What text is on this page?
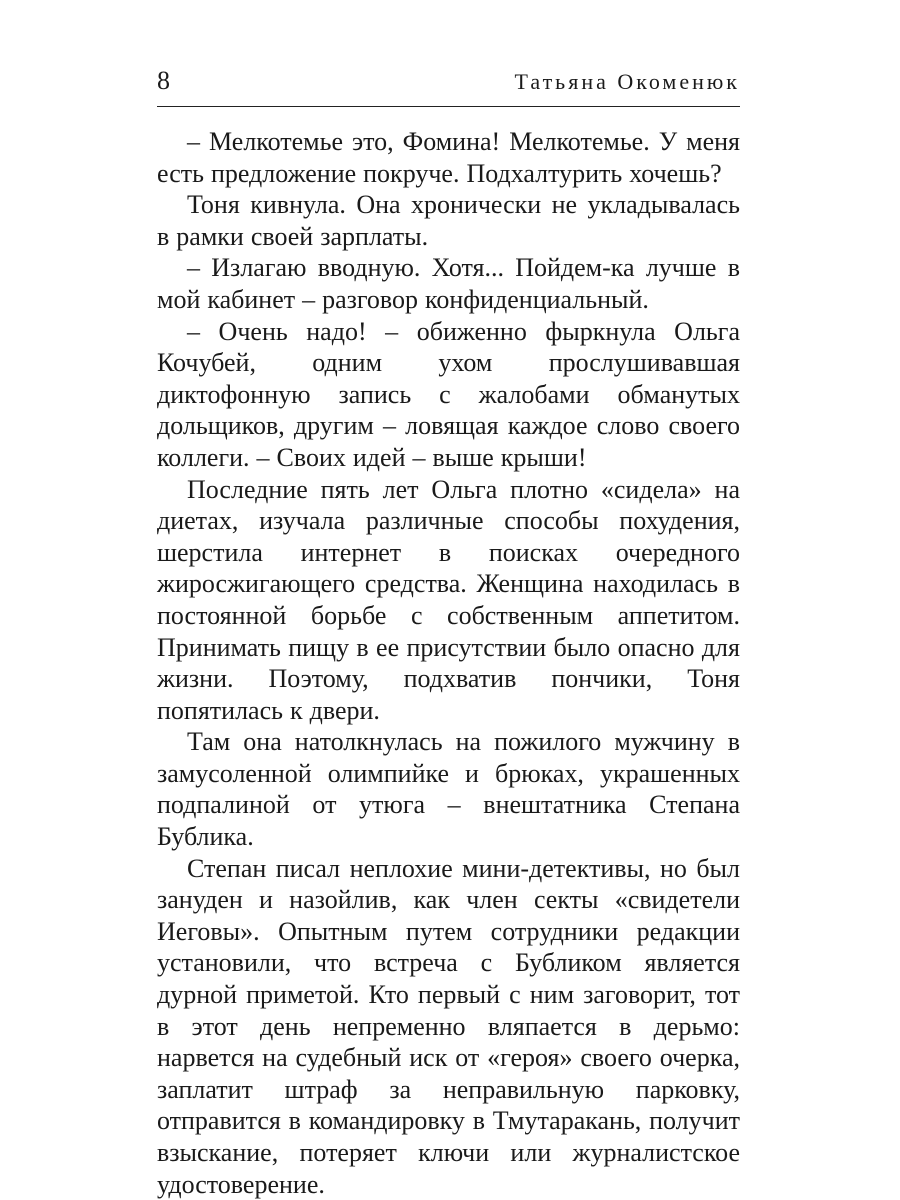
8	Татьяна Окоменюк

– Мелкотемье это, Фомина! Мелкотемье. У меня есть предложение покруче. Подхалтурить хочешь?

Тоня кивнула. Она хронически не укладывалась в рамки своей зарплаты.

– Излагаю вводную. Хотя... Пойдем-ка лучше в мой кабинет – разговор конфиденциальный.

– Очень надо! – обиженно фыркнула Ольга Кочубей, одним ухом прослушивавшая диктофонную запись с жалобами обманутых дольщиков, другим – ловящая каждое слово своего коллеги. – Своих идей – выше крыши!

Последние пять лет Ольга плотно «сидела» на диетах, изучала различные способы похудения, шерстила интернет в поисках очередного жиросжигающего средства. Женщина находилась в постоянной борьбе с собственным аппетитом. Принимать пищу в ее присутствии было опасно для жизни. Поэтому, подхватив пончики, Тоня попятилась к двери.

Там она натолкнулась на пожилого мужчину в замусоленной олимпийке и брюках, украшенных подпалиной от утюга – внештатника Степана Бублика.

Степан писал неплохие мини-детективы, но был зануден и назойлив, как член секты «свидетели Иеговы». Опытным путем сотрудники редакции установили, что встреча с Бубликом является дурной приметой. Кто первый с ним заговорит, тот в этот день непременно вляпается в дерьмо: нарвется на судебный иск от «героя» своего очерка, заплатит штраф за неправильную парковку, отправится в командировку в Тмутаракань, получит взыскание, потеряет ключи или журналистское удостоверение.
